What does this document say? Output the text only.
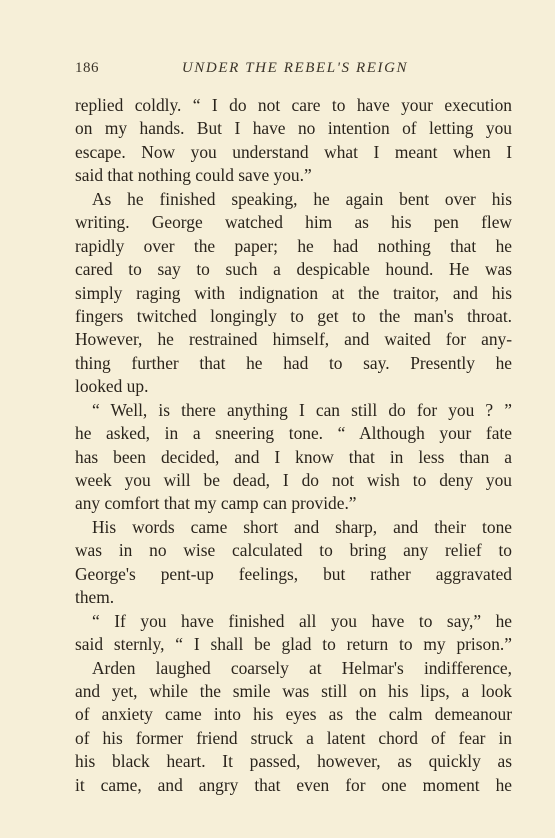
UNDER THE REBEL'S REIGN
186
replied coldly. “ I do not care to have your execution
on my hands. But I have no intention of letting you
escape. Now you understand what I meant when I
said that nothing could save you.”
As he finished speaking, he again bent over his
writing. George watched him as his pen flew
rapidly over the paper; he had nothing that he
cared to say to such a despicable hound. He was
simply raging with indignation at the traitor, and his
fingers twitched longingly to get to the man's throat.
However, he restrained himself, and waited for any-
thing further that he had to say. Presently he
looked up.
“ Well, is there anything I can still do for you ? ”
he asked, in a sneering tone. “ Although your fate
has been decided, and I know that in less than a
week you will be dead, I do not wish to deny you
any comfort that my camp can provide.”
His words came short and sharp, and their tone
was in no wise calculated to bring any relief to
George's pent-up feelings, but rather aggravated
them.
“ If you have finished all you have to say,” he
said sternly, “ I shall be glad to return to my prison.”
Arden laughed coarsely at Helmar's indifference,
and yet, while the smile was still on his lips, a look
of anxiety came into his eyes as the calm demeanour
of his former friend struck a latent chord of fear in
his black heart. It passed, however, as quickly as
it came, and angry that even for one moment he
